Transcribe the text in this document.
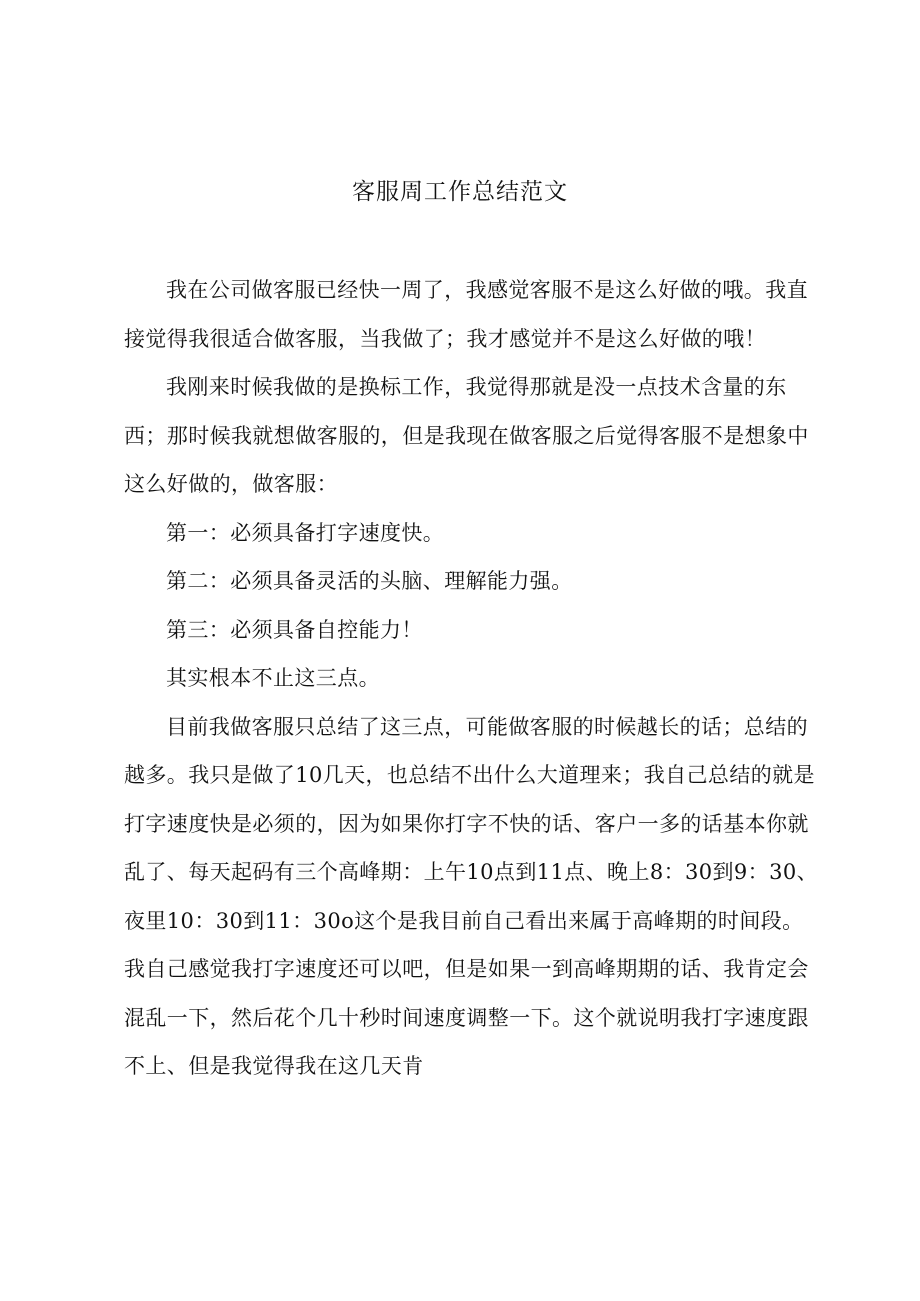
客服周工作总结范文

我在公司做客服已经快一周了，我感觉客服不是这么好做的哦。我直接觉得我很适合做客服，当我做了；我才感觉并不是这么好做的哦！

我刚来时候我做的是换标工作，我觉得那就是没一点技术含量的东西；那时候我就想做客服的，但是我现在做客服之后觉得客服不是想象中这么好做的，做客服：

第一：必须具备打字速度快。

第二：必须具备灵活的头脑、理解能力强。

第三：必须具备自控能力！

其实根本不止这三点。

目前我做客服只总结了这三点，可能做客服的时候越长的话；总结的越多。我只是做了10几天，也总结不出什么大道理来；我自己总结的就是打字速度快是必须的，因为如果你打字不快的话、客户一多的话基本你就乱了、每天起码有三个高峰期：上午10点到11点、晚上8：30到9：30、夜里10：30到11：30o这个是我目前自己看出来属于高峰期的时间段。我自己感觉我打字速度还可以吧，但是如果一到高峰期期的话、我肯定会混乱一下，然后花个几十秒时间速度调整一下。这个就说明我打字速度跟不上、但是我觉得我在这几天肯
